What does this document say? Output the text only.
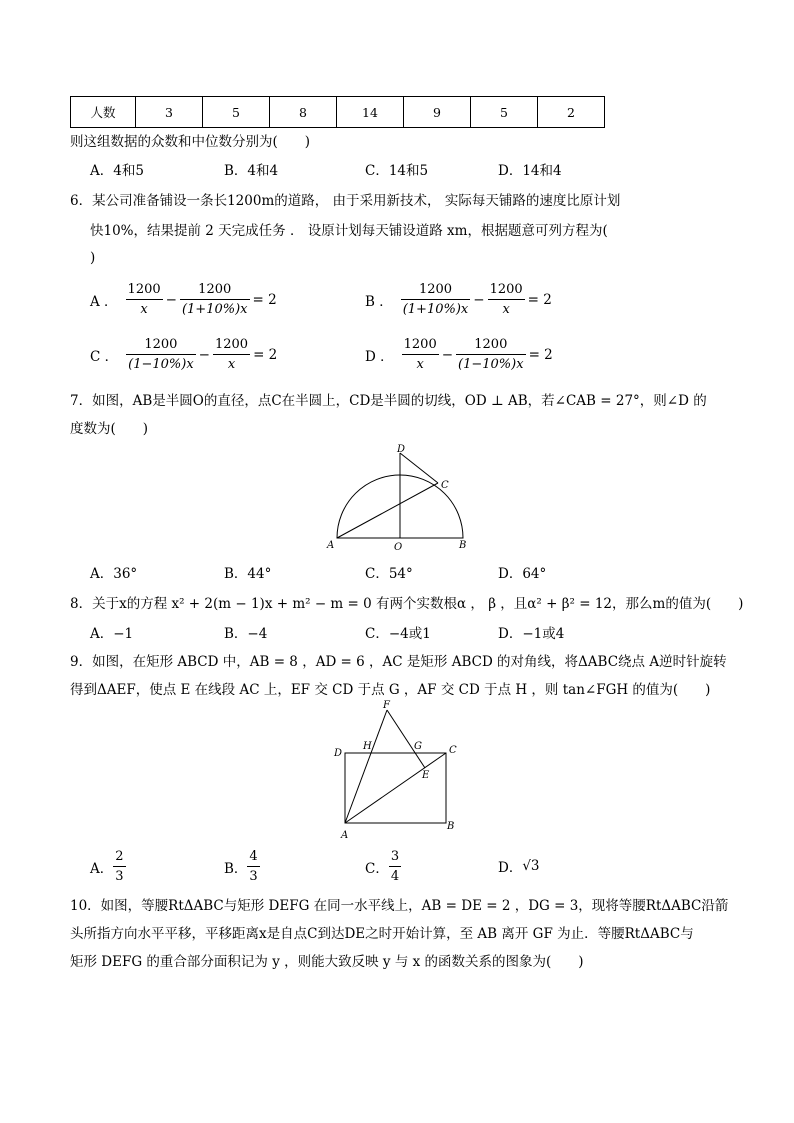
人数	3	5	8	14	9	5	2
则这组数据的众数和中位数分别为(　　)
A．4和5	B．4和4	C．14和5	D．14和4
6．某公司准备铺设一条长1200m的道路， 由于采用新技术， 实际每天铺路的速度比原计划
快10%，结果提前 2 天完成任务 ． 设原计划每天铺设道路 xm，根据题意可列方程为(
)
A ． $\frac{1200}{x} - \frac{1200}{(1+10\%)x} = 2$	B ． $\frac{1200}{(1+10\%)x} - \frac{1200}{x} = 2$
C ． $\frac{1200}{(1-10\%)x} - \frac{1200}{x} = 2$	D ． $\frac{1200}{x} - \frac{1200}{(1-10\%)x} = 2$
7．如图，AB是半圆O的直径，点C在半圆上，CD是半圆的切线，OD ⊥ AB，若∠CAB = 27°，则∠D 的
度数为(　　)
D
C
A	O	B
A．36°	B．44°	C．54°	D．64°
8．关于x的方程 x² + 2(m − 1)x + m² − m = 0 有两个实数根α ， β ，且α² + β² = 12，那么m的值为(　　)
A．−1	B．−4	C．−4或1	D．−1或4
9．如图，在矩形 ABCD 中，AB = 8 ，AD = 6 ，AC 是矩形 ABCD 的对角线，将ΔABC绕点 A逆时针旋转
得到ΔAEF，使点 E 在线段 AC 上，EF 交 CD 于点 G ，AF 交 CD 于点 H ，则 tan∠FGH 的值为(　　)
F
H	G
D	C
E
A
B
A． $\frac{2}{3}$	B． $\frac{4}{3}$	C． $\frac{3}{4}$	D． √3
10．如图，等腰RtΔABC与矩形 DEFG 在同一水平线上，AB = DE = 2 ，DG = 3，现将等腰RtΔABC沿箭
头所指方向水平平移，平移距离x是自点C到达DE之时开始计算，至 AB 离开 GF 为止．等腰RtΔABC与
矩形 DEFG 的重合部分面积记为 y ，则能大致反映 y 与 x 的函数关系的图象为(　　)
